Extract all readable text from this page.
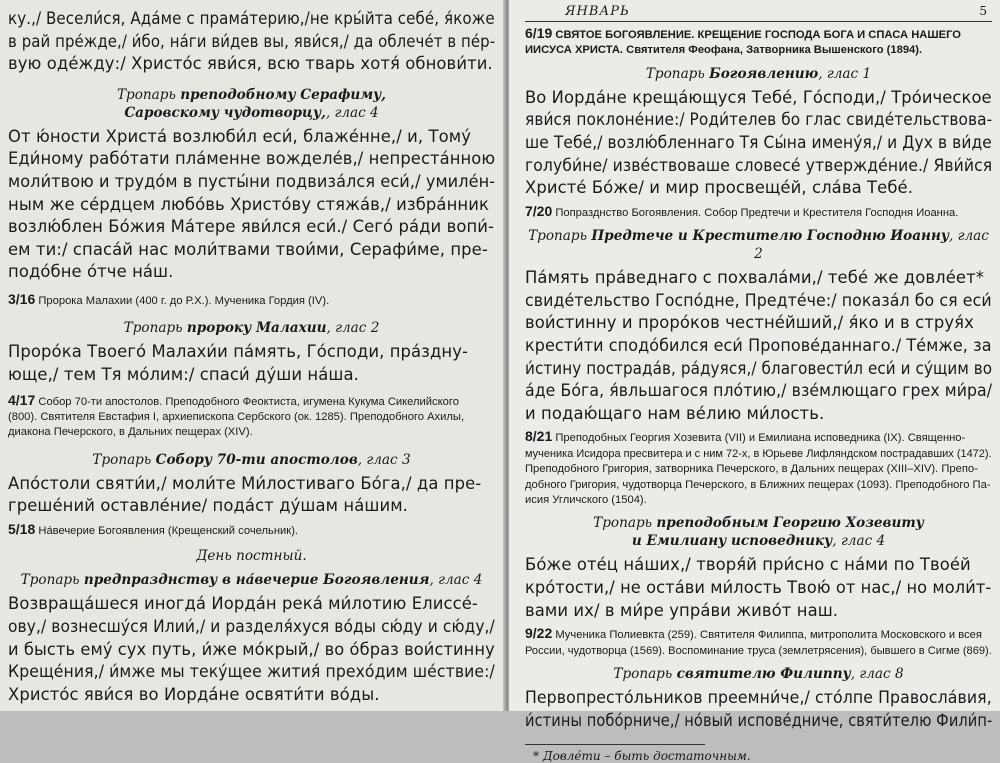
ку.,/ Весели́ся, Ада́ме с прама́терию,/не кры́йта себе́, я́коже
в рай пре́жде,/ и́бо, на́ги ви́дев вы, яви́ся,/ да облече́т в пе́р-
вую оде́жду:/ Христо́с яви́ся, всю тварь хотя́ обнови́ти.
Тропарь преподобному Серафиму,
Саровскому чудотворцу,, глас 4
От ю́ности Христа́ возлюби́л еси́, блаже́нне,/ и, Тому́
Еди́ному рабо́тати пла́менне вожделе́в,/ непреста́нною
моли́твою и трудо́м в пусты́ни подвиза́лся еси́,/ умиле́н-
ным же се́рдцем любо́вь Христо́ву стяжа́в,/ избра́нник
возлю́блен Бо́жия Ма́тере яви́лся еси́./ Сего́ ра́ди вопи́-
ем ти:/ спаса́й нас моли́твами твои́ми, Серафи́ме, пре-
подо́бне о́тче на́ш.
3/16 Пророка Малахии (400 г. до Р.Х.). Мученика Гордия (IV).
Тропарь пророку Малахии, глас 2
Проро́ка Твоего́ Малахи́и па́мять, Го́споди, пра́здну-
юще,/ тем Тя мо́лим:/ спаси́ ду́ши на́ша.
4/17 Собор 70-ти апостолов. Преподобного Феоктиста, игумена Кукума Сикелийского
(800). Святителя Евстафия I, архиепископа Сербского (ок. 1285). Преподобного Ахилы,
диакона Печерского, в Дальних пещерах (XIV).
Тропарь Собору 70-ти апостолов, глас 3
Апо́столи святи́и,/ моли́те Ми́лостиваго Бо́га,/ да пре-
греше́ний оставле́ние/ пода́ст ду́шам на́шим.
5/18 На́вечерие Богоявления (Крещенский сочельник).
День постный.
Тропарь предпразднству в на́вечерие Богоявления, глас 4
Возвраща́шеся иногда́ Иорда́н река́ ми́лотию Елиссе́-
ову,/ вознесшу́ся Илии́,/ и разделя́хуся во́ды сю́ду и сю́ду,/
и бысть ему́ сух путь, и́же мо́крый,/ во о́браз вои́стинну
Креще́ния,/ и́мже мы теку́щее жития́ прехо́дим ше́ствие:/
Христо́с яви́ся во Иорда́не освяти́ти во́ды.
ЯНВАРЬ	5
6/19 СВЯТОЕ БОГОЯВЛЕНИЕ. КРЕЩЕНИЕ ГОСПОДА БОГА И СПАСА НАШЕГО
ИИСУСА ХРИСТА. Святителя Феофана, Затворника Вышенского (1894).
Тропарь Богоявлению, глас 1
Во Иорда́не креща́ющуся Тебе́, Го́споди,/ Тро́ическое
яви́ся поклоне́ние:/ Роди́телев бо глас свиде́тельствова-
ше Тебе́,/ возлю́бленнаго Тя Сы́на имену́я,/ и Дух в ви́де
голуби́не/ изве́ствоваше словесе́ утвержде́ние./ Яви́йся
Христе́ Бо́же/ и мир просвеще́й, сла́ва Тебе́.
7/20 Попразднство Богоявления. Собор Предтечи и Крестителя Господня Иоанна.
Тропарь Предтече и Крестителю Господню Иоанну, глас 2
Па́мять пра́веднаго с похвала́ми,/ тебе́ же довле́ет*
свиде́тельство Госпо́дне, Предте́че:/ показа́л бо ся еси́
вои́стинну и проро́ков честне́йший,/ я́ко и в струя́х
крести́ти сподо́бился еси́ Пропове́даннаго./ Те́мже, за
и́стину пострада́в, ра́дуяся,/ благовести́л еси́ и су́щим во
а́де Бо́га, я́вльшагося пло́тию,/ взе́млющаго грех ми́ра/
и подаю́щаго нам ве́лию ми́лость.
8/21 Преподобных Георгия Хозевита (VII) и Емилиана исповедника (IX). Священно-
мученика Исидора пресвитера и с ним 72-х, в Юрьеве Лифляндском пострадавших (1472).
Преподобного Григория, затворника Печерского, в Дальних пещерах (XIII–XIV). Препо-
добного Григория, чудотворца Печерского, в Ближних пещерах (1093). Преподобного Па-
исия Угличского (1504).
Тропарь преподобным Георгию Хозевиту
и Емилиану исповеднику, глас 4
Бо́же оте́ц на́ших,/ творя́й при́сно с на́ми по Твое́й
кро́тости,/ не оста́ви ми́лость Твою́ от нас,/ но моли́т-
вами их/ в ми́ре упра́ви живо́т наш.
9/22 Мученика Полиевкта (259). Святителя Филиппа, митрополита Московского и всея
России, чудотворца (1569). Воспоминание труса (землетрясения), бывшего в Сигме (869).
Тропарь святителю Филиппу, глас 8
Первопресто́льников преемни́че,/ сто́лпе Правосла́вия,
и́стины побо́рниче,/ но́вый испове́дниче, святи́телю Фили́п-
* Довле́ти – быть достаточным.
